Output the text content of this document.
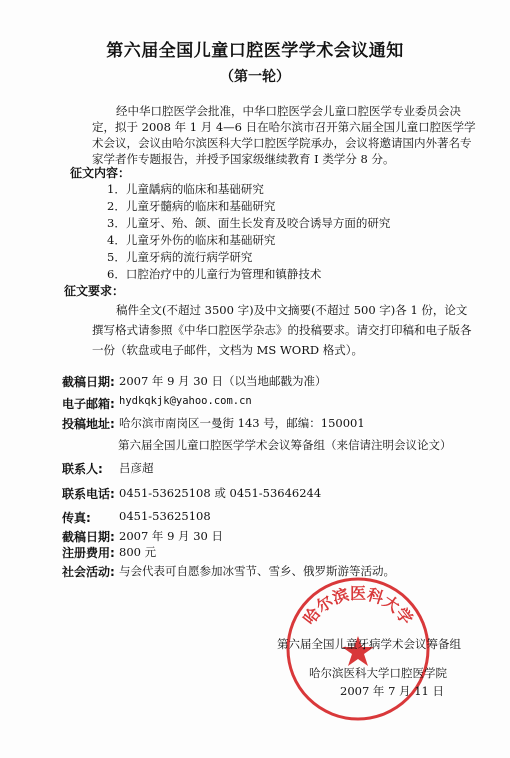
第六届全国儿童口腔医学学术会议通知
（第一轮）
经中华口腔医学会批准，中华口腔医学会儿童口腔医学专业委员会决定，拟于 2008 年 1 月 4—6 日在哈尔滨市召开第六届全国儿童口腔医学学术会议，会议由哈尔滨医科大学口腔医学院承办，会议将邀请国内外著名专家学者作专题报告，并授予国家级继续教育 I 类学分 8 分。
征文内容：
1．儿童龋病的临床和基础研究
2．儿童牙髓病的临床和基础研究
3．儿童牙、殆、颌、面生长发育及咬合诱导方面的研究
4．儿童牙外伤的临床和基础研究
5．儿童牙病的流行病学研究
6．口腔治疗中的儿童行为管理和镇静技术
征文要求：
稿件全文(不超过 3500 字)及中文摘要(不超过 500 字)各 1 份，论文撰写格式请参照《中华口腔医学杂志》的投稿要求。请交打印稿和电子版各一份（软盘或电子邮件，文档为 MS WORD 格式）。
截稿日期: 2007 年 9 月 30 日（以当地邮戳为准）
电子邮箱: hydkqkjk@yahoo.com.cn
投稿地址: 哈尔滨市南岗区一曼街 143 号，邮编：150001
第六届全国儿童口腔医学学术会议筹备组（来信请注明会议论文）
联系人: 吕彦超
联系电话: 0451-53625108 或 0451-53646244
传真: 0451-53625108
截稿日期: 2007 年 9 月 30 日
注册费用: 800 元
社会活动: 与会代表可自愿参加冰雪节、雪乡、俄罗斯游等活动。
哈尔滨医科大学
第六届全国儿童牙病学术会议筹备组
哈尔滨医科大学口腔医学院
2007 年 7 月 11 日
